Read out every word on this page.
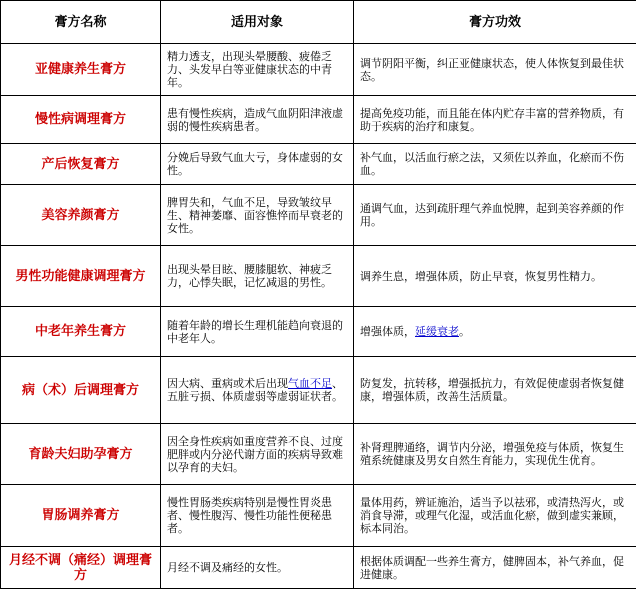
膏方名称	适用对象	膏方功效
亚健康养生膏方	精力透支，出现头晕腰酸、疲倦乏力、头发早白等亚健康状态的中青年。	调节阴阳平衡，纠正亚健康状态，使人体恢复到最佳状态。
慢性病调理膏方	患有慢性疾病，造成气血阴阳津液虚弱的慢性疾病患者。	提高免疫功能，而且能在体内贮存丰富的营养物质，有助于疾病的治疗和康复。
产后恢复膏方	分娩后导致气血大亏，身体虚弱的女性。	补气血，以活血行瘀之法，又须佐以养血，化瘀而不伤血。
美容养颜膏方	脾胃失和，气血不足，导致皱纹早生、精神萎靡、面容憔悴而早衰老的女性。	通调气血，达到疏肝理气养血悦脾，起到美容养颜的作用。
男性功能健康调理膏方	出现头晕目眩、腰膝腿软、神疲乏力，心悸失眠，记忆减退的男性。	调养生息，增强体质，防止早衰，恢复男性精力。
中老年养生膏方	随着年龄的增长生理机能趋向衰退的中老年人。	增强体质，延缓衰老。
病（术）后调理膏方	因大病、重病或术后出现气血不足、五脏亏损、体质虚弱等虚弱证状者。	防复发，抗转移，增强抵抗力，有效促使虚弱者恢复健康，增强体质，改善生活质量。
育龄夫妇助孕膏方	因全身性疾病如重度营养不良、过度肥胖或内分泌代谢方面的疾病导致难以孕育的夫妇。	补肾理脾通络，调节内分泌，增强免疫与体质，恢复生殖系统健康及男女自然生育能力，实现优生优育。
胃肠调养膏方	慢性胃肠类疾病特别是慢性胃炎患者、慢性腹泻、慢性功能性便秘患者。	量体用药，辨证施治，适当予以祛邪，或清热泻火，或消食导滞，或理气化湿，或活血化瘀，做到虚实兼顾，标本同治。
月经不调（痛经）调理膏方	月经不调及痛经的女性。	根据体质调配一些养生膏方，健脾固本，补气养血，促进健康。
